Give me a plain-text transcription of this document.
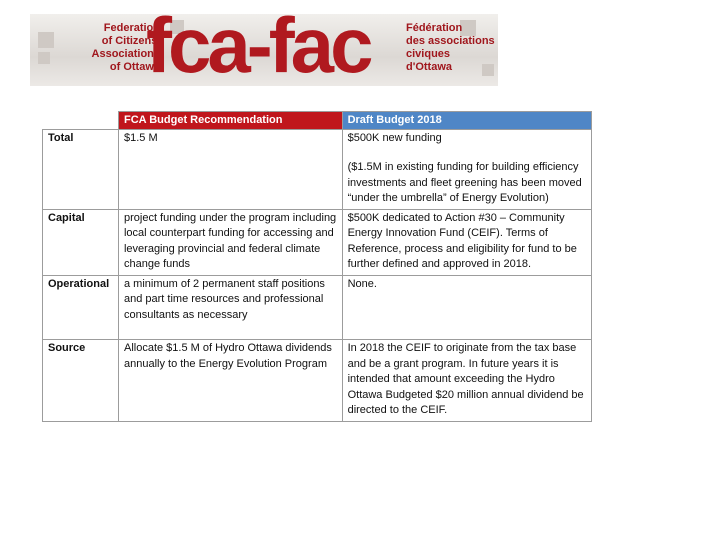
Federation
of Citizens'
Associations
of Ottawa
fca-fac	Fédération
des associations
civiques
d'Ottawa
	FCA Budget Recommendation	Draft Budget 2018
Total	$1.5 M	$500K new funding
($1.5M in existing funding for building efficiency investments and fleet greening has been moved “under the umbrella” of Energy Evolution)

Capital	project funding under the program including local counterpart funding for accessing and leveraging provincial and federal climate change funds	$500K dedicated to Action #30 – Community Energy Innovation Fund (CEIF). Terms of Reference, process and eligibility for fund to be further defined and approved in 2018.
Operational	a minimum of 2 permanent staff positions and part time resources and professional consultants as necessary	None.
Source	Allocate $1.5 M of Hydro Ottawa dividends annually to the Energy Evolution Program	In 2018 the CEIF to originate from the tax base and be a grant program. In future years it is intended that amount exceeding the Hydro Ottawa Budgeted $20 million annual dividend be directed to the CEIF.
